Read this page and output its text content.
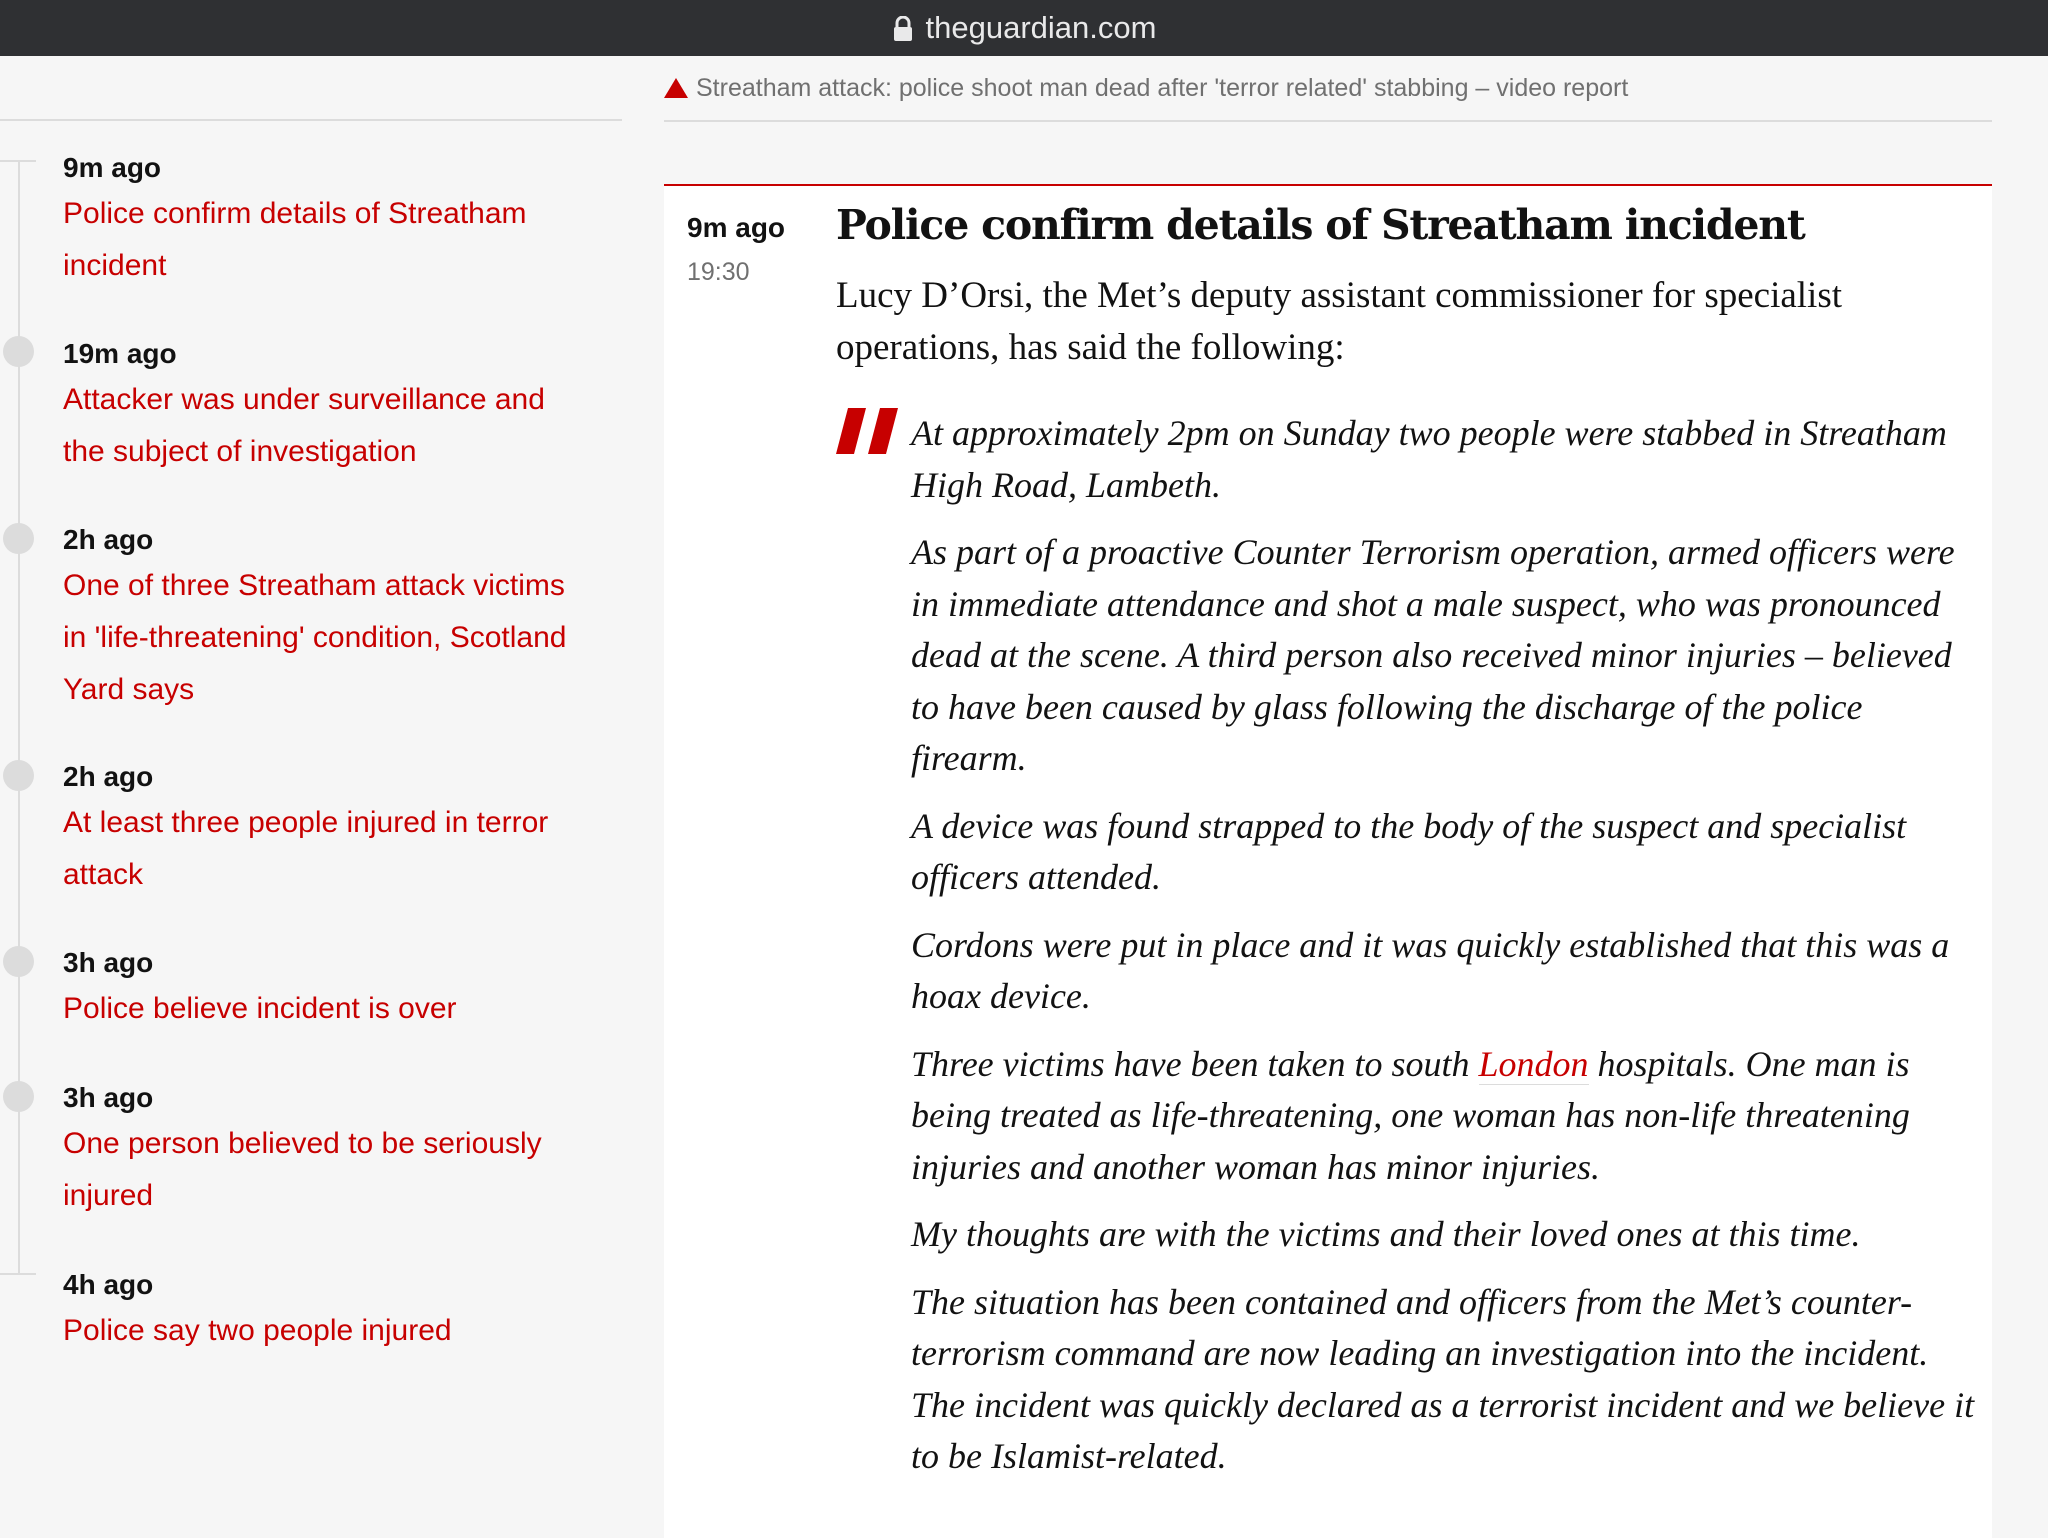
theguardian.com
9m ago
Police confirm details of Streatham incident
19m ago
Attacker was under surveillance and the subject of investigation
2h ago
One of three Streatham attack victims in 'life-threatening' condition, Scotland Yard says
2h ago
At least three people injured in terror attack
3h ago
Police believe incident is over
3h ago
One person believed to be seriously injured
4h ago
Police say two people injured
Streatham attack: police shoot man dead after 'terror related' stabbing – video report
9m ago
19:30
Police confirm details of Streatham incident
Lucy D’Orsi, the Met’s deputy assistant commissioner for specialist operations, has said the following:

At approximately 2pm on Sunday two people were stabbed in Streatham High Road, Lambeth.

As part of a proactive Counter Terrorism operation, armed officers were in immediate attendance and shot a male suspect, who was pronounced dead at the scene. A third person also received minor injuries – believed to have been caused by glass following the discharge of the police firearm.

A device was found strapped to the body of the suspect and specialist officers attended.

Cordons were put in place and it was quickly established that this was a hoax device.

Three victims have been taken to south London hospitals. One man is being treated as life-threatening, one woman has non-life threatening injuries and another woman has minor injuries.

My thoughts are with the victims and their loved ones at this time.

The situation has been contained and officers from the Met’s counter-terrorism command are now leading an investigation into the incident. The incident was quickly declared as a terrorist incident and we believe it to be Islamist-related.
